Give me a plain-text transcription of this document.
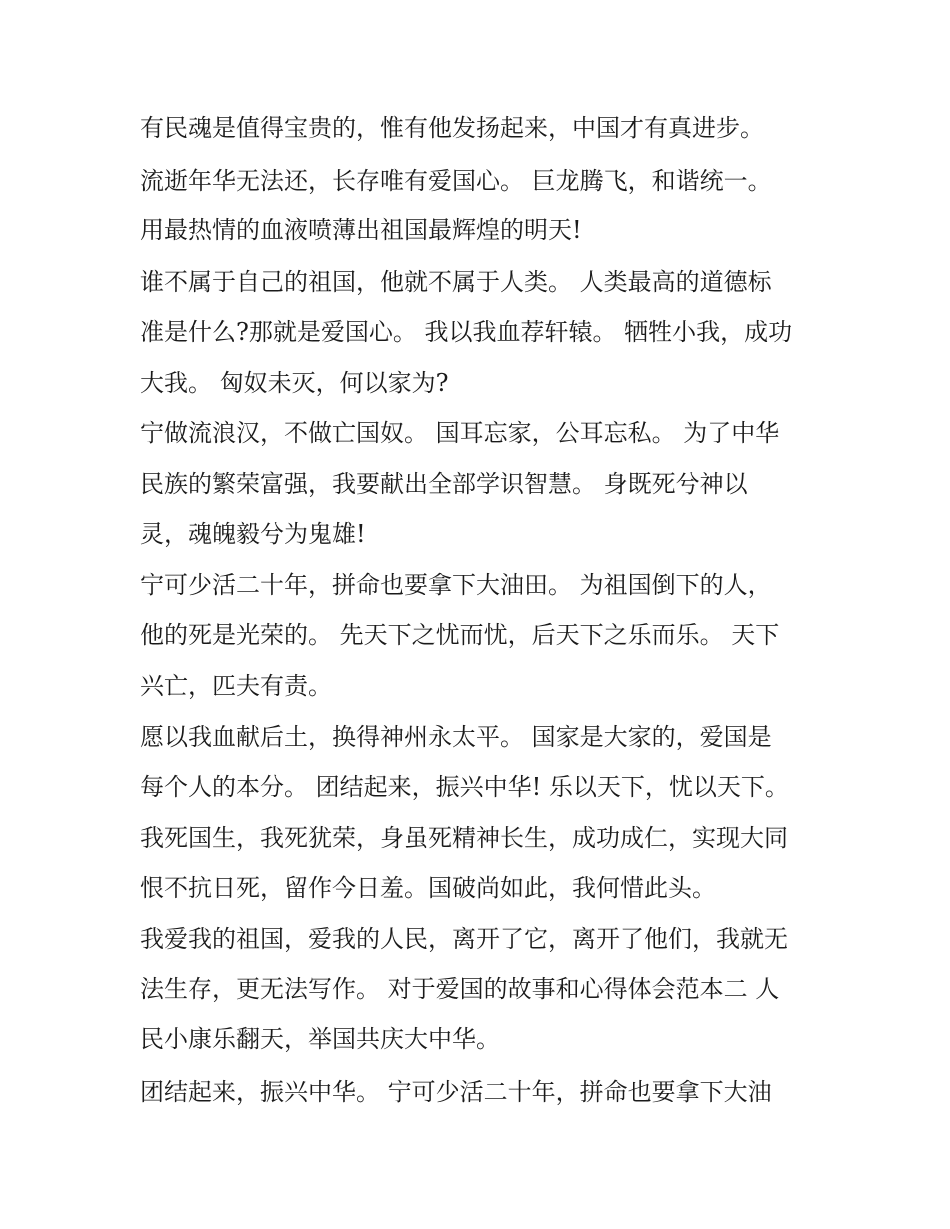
有民魂是值得宝贵的，惟有他发扬起来，中国才有真进步。
流逝年华无法还，长存唯有爱国心。 巨龙腾飞，和谐统一。
用最热情的血液喷薄出祖国最辉煌的明天!
谁不属于自己的祖国，他就不属于人类。 人类最高的道德标
准是什么?那就是爱国心。 我以我血荐轩辕。 牺牲小我，成功
大我。 匈奴未灭，何以家为?
宁做流浪汉，不做亡国奴。 国耳忘家，公耳忘私。 为了中华
民族的繁荣富强，我要献出全部学识智慧。 身既死兮神以
灵，魂魄毅兮为鬼雄!
宁可少活二十年，拼命也要拿下大油田。 为祖国倒下的人，
他的死是光荣的。 先天下之忧而忧，后天下之乐而乐。 天下
兴亡，匹夫有责。
愿以我血献后土，换得神州永太平。 国家是大家的，爱国是
每个人的本分。 团结起来，振兴中华! 乐以天下，忧以天下。
我死国生，我死犹荣，身虽死精神长生，成功成仁，实现大同
恨不抗日死，留作今日羞。国破尚如此，我何惜此头。
我爱我的祖国，爱我的人民，离开了它，离开了他们，我就无
法生存，更无法写作。 对于爱国的故事和心得体会范本二 人
民小康乐翻天，举国共庆大中华。
团结起来，振兴中华。 宁可少活二十年，拼命也要拿下大油
